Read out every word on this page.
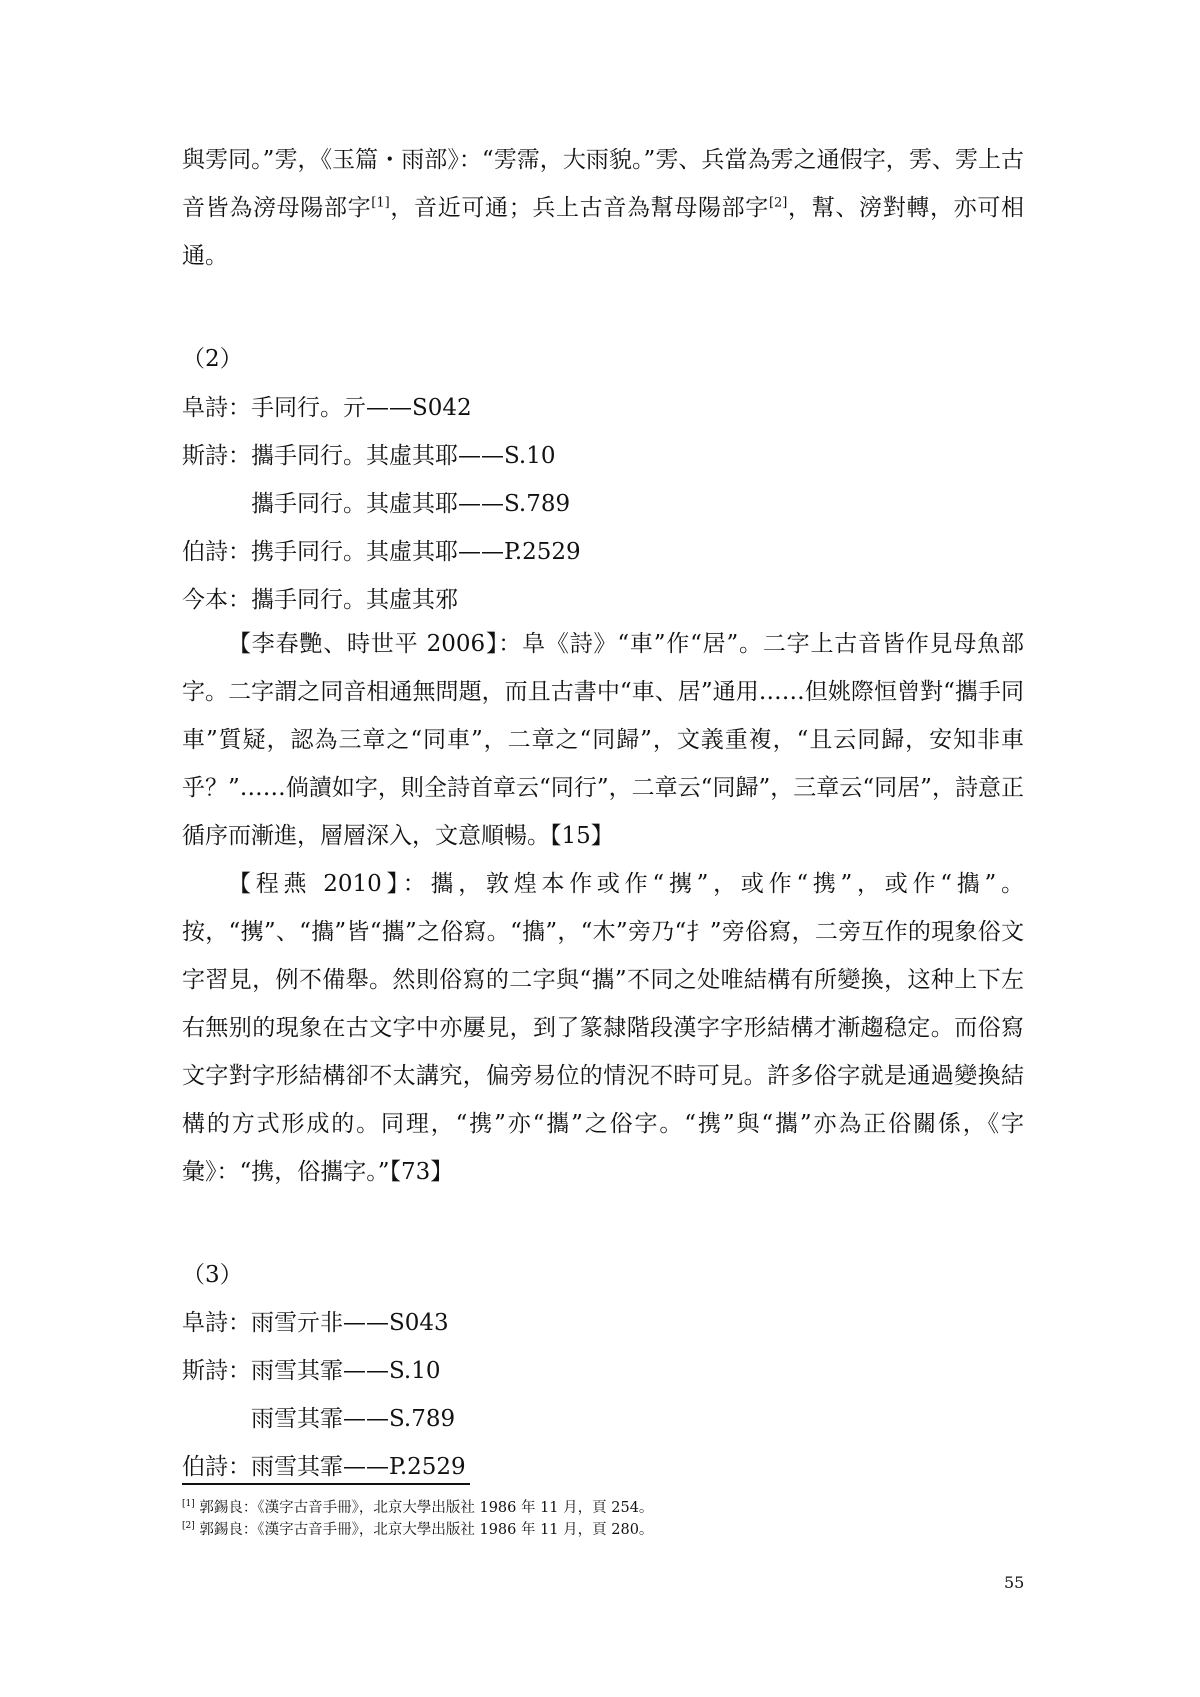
與雱同。”雱，《玉篇・雨部》：“雱霈，大雨貌。”雱、兵當為雱之通假字，雱、雱上古音皆為滂母陽部字[1]，音近可通；兵上古音為幫母陽部字[2]，幫、滂對轉，亦可相通。

（2）
阜詩：手同行。亓——S042
斯詩：攜手同行。其虛其耶——S.10
攜手同行。其虛其耶——S.789
伯詩：携手同行。其虛其耶——P.2529
今本：攜手同行。其虛其邪

【李春艷、時世平 2006】：阜《詩》“車”作“居”。二字上古音皆作見母魚部字。二字謂之同音相通無問題，而且古書中“車、居”通用……但姚際恒曾對“攜手同車”質疑，認為三章之“同車”，二章之“同歸”，文義重複，“且云同歸，安知非車乎？”……倘讀如字，則全詩首章云“同行”，二章云“同歸”，三章云“同居”，詩意正循序而漸進，層層深入，文意順暢。【15】

【程燕 2010】：攜，敦煌本作或作“㩗”，或作“携”，或作“㩦”。按，“㩗”、“㩦”皆“攜”之俗寫。“㩦”，“木”旁乃“扌”旁俗寫，二旁互作的現象俗文字習見，例不備舉。然則俗寫的二字與“攜”不同之处唯結構有所變換，这种上下左右無别的現象在古文字中亦屢見，到了篆隸階段漢字字形結構才漸趨稳定。而俗寫文字對字形結構卻不太講究，偏旁易位的情況不時可見。許多俗字就是通過變換結構的方式形成的。同理，“携”亦“攜”之俗字。“携”與“攜”亦為正俗關係，《字彙》：“携，俗攜字。”【73】

（3）
阜詩：雨雪亓非——S043
斯詩：雨雪其霏——S.10
雨雪其霏——S.789
伯詩：雨雪其霏——P.2529
[1] 郭錫良：《漢字古音手冊》，北京大學出版社 1986 年 11 月，頁 254。
[2] 郭錫良：《漢字古音手冊》，北京大學出版社 1986 年 11 月，頁 280。
55
